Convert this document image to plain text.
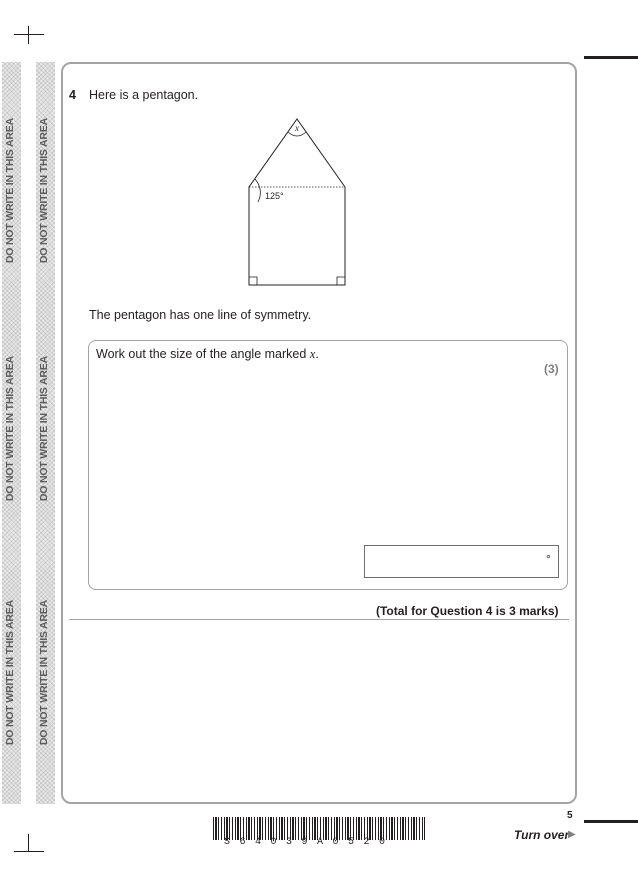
DO NOT WRITE IN THIS AREA
DO NOT WRITE IN THIS AREA
DO NOT WRITE IN THIS AREA
DO NOT WRITE IN THIS AREA
DO NOT WRITE IN THIS AREA
DO NOT WRITE IN THIS AREA
4 Here is a pentagon.
x
125°
The pentagon has one line of symmetry.
Work out the size of the angle marked x.
(3)
°
(Total for Question 4 is 3 marks)
S64039A0520
5
Turn over
▶
